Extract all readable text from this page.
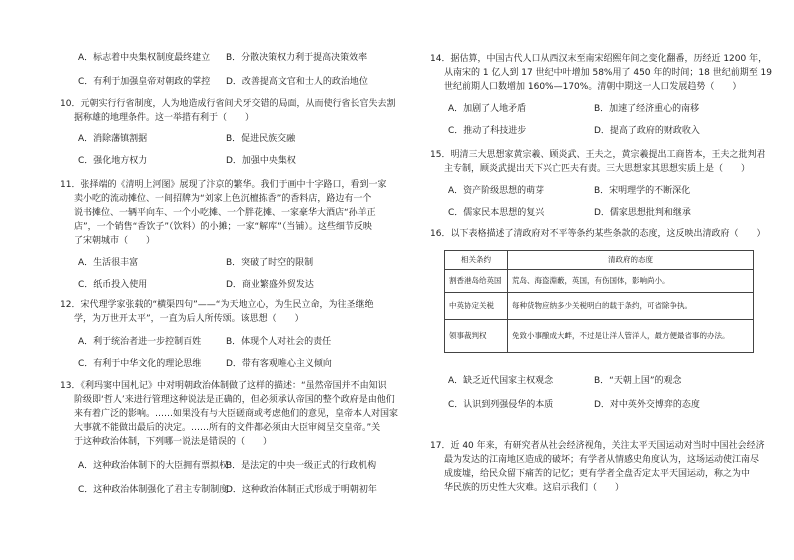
A．标志着中央集权制度最终建立 B．分散决策权力利于提高决策效率
C．有利于加强皇帝对朝政的掌控 D．改善提高文官和士人的政治地位
10．元朝实行行省制度，人为地造成行省间犬牙交错的局面，从而使行省长官失去割
据称雄的地理条件。这一举措有利于（　　）
A．消除藩镇割据	B．促进民族交融
C．强化地方权力	D．加强中央集权
11．张择端的《清明上河图》展现了汴京的繁华。我们于画中十字路口，看到一家
卖小吃的流动摊位、一间招牌为“刘家上色沉檀拣香”的香料店，路边有一个
说书摊位、一辆平向车、一个小吃摊、一个胖花摊、一家豪华大酒店“孙羊正
店”，一个销售“香饮子”（饮料）的小摊；一家“解库”（当铺）。这些细节反映
了宋朝城市（　　）
A．生活很丰富	B．突破了时空的限制
C．纸币投入使用	D．商业繁盛外贸发达
12．宋代理学家张载的“横渠四句”——“为天地立心，为生民立命，为往圣继绝
学，为万世开太平”，一直为后人所传颂。该思想（　　）
A．利于统治者进一步控制百姓	B．体现个人对社会的责任
C．有利于中华文化的理论思维	D．带有客观唯心主义倾向
13．《利玛窦中国札记》中对明朝政治体制做了这样的描述：“虽然帝国并不由知识
阶级即‘哲人’来进行管理这种说法是正确的，但必须承认帝国的整个政府是由他们
来有着广泛的影响。……如果没有与大臣磋商或考虑他们的意见，皇帝本人对国家
大事就不能做出最后的决定。……所有的文件都必须由大臣审阅呈交皇帝。”关
于这种政治体制，下列哪一说法是错误的（　　）
A．这种政治体制下的大臣拥有票拟权
B．是法定的中央一级正式的行政机构
C．这种政治体制强化了君主专制制度
D．这种政治体制正式形成于明朝初年
14．据估算，中国古代人口从西汉末至南宋绍熙年间之变化翻番，历经近 1200 年，
从南宋的 1 亿人到 17 世纪中叶增加 58%用了 450 年的时间；18 世纪前期至 19
世纪前期人口数增加 160%—170%。清朝中期这一人口发展趋势（　　）
A．加剧了人地矛盾	B．加速了经济重心的南移
C．推动了科技进步	D．提高了政府的财政收入
15．明清三大思想家黄宗羲、顾炎武、王夫之，黄宗羲提出工商皆本，王夫之批判君
主专制，顾炎武提出天下兴亡匹夫有责。三大思想家其思想实质上是（　　）
A．资产阶级思想的萌芽	B．宋明理学的不断深化
C．儒家民本思想的复兴	D．儒家思想批判和继承
16．以下表格描述了清政府对不平等条约某些条款的态度，这反映出清政府（　　）
相关条约	清政府的态度
割香港岛给英国	荒岛、海盗淵藪，英国，有伤国体，影响尚小。
中英协定关税	每种货物应纳多少关税明白的载于条约，可省除争执。
领事裁判权	免致小事酿成大衅，不过是让洋人管洋人，最方便最省事的办法。
A．缺乏近代国家主权观念	B．“天朝上国”的观念
C．认识到列强侵华的本质	D．对中英外交博弈的态度
17．近 40 年来，有研究者从社会经济视角，关注太平天国运动对当时中国社会经济
最为发达的江南地区造成的破坏；有学者从情感史角度认为，这场运动使江南尽
成废墟，给民众留下痛苦的记忆；更有学者全盘否定太平天国运动，称之为中
华民族的历史性大灾难。这启示我们（　　）
